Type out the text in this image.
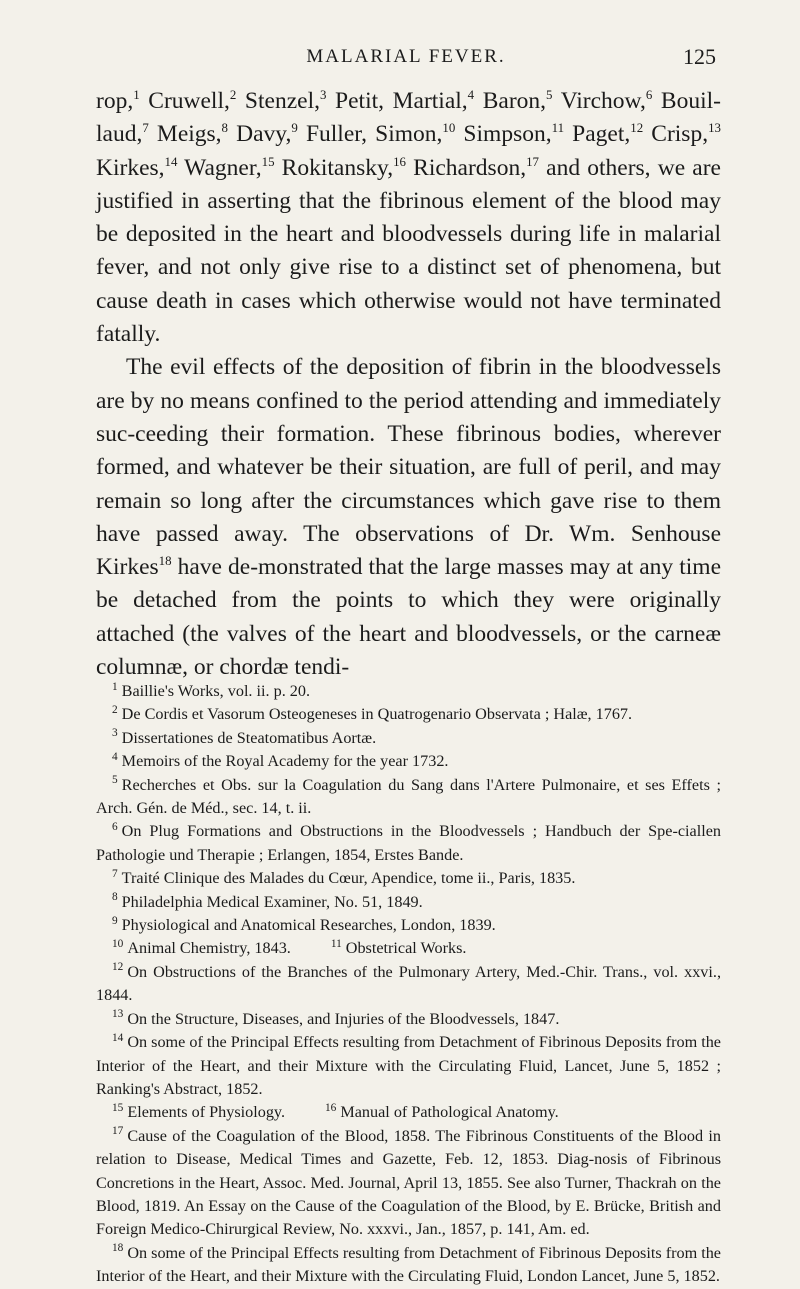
MALARIAL FEVER.	125

rop,$^1$ Cruwell,$^2$ Stenzel,$^3$ Petit, Martial,$^4$ Baron,$^5$ Virchow,$^6$ Bouil-laud,$^7$ Meigs,$^8$ Davy,$^9$ Fuller, Simon,$^{10}$ Simpson,$^{11}$ Paget,$^{12}$ Crisp,$^{13}$ Kirkes,$^{14}$ Wagner,$^{15}$ Rokitansky,$^{16}$ Richardson,$^{17}$ and others, we are justified in asserting that the fibrinous element of the blood may be deposited in the heart and bloodvessels during life in malarial fever, and not only give rise to a distinct set of phenomena, but cause death in cases which otherwise would not have terminated fatally.

The evil effects of the deposition of fibrin in the bloodvessels are by no means confined to the period attending and immediately suc-ceeding their formation. These fibrinous bodies, wherever formed, and whatever be their situation, are full of peril, and may remain so long after the circumstances which gave rise to them have passed away. The observations of Dr. Wm. Senhouse Kirkes$^{18}$ have de-monstrated that the large masses may at any time be detached from the points to which they were originally attached (the valves of the heart and bloodvessels, or the carneæ columnæ, or chordæ tendi-

$^1$ Baillie's Works, vol. ii. p. 20.

$^2$ De Cordis et Vasorum Osteogeneses in Quatrogenario Observata ; Halæ, 1767.

$^3$ Dissertationes de Steatomatibus Aortæ.

$^4$ Memoirs of the Royal Academy for the year 1732.

$^5$ Recherches et Obs. sur la Coagulation du Sang dans l'Artere Pulmonaire, et ses Effets ; Arch. Gén. de Méd., sec. 14, t. ii.

$^6$ On Plug Formations and Obstructions in the Bloodvessels ; Handbuch der Spe-ciallen Pathologie und Therapie ; Erlangen, 1854, Erstes Bande.

$^7$ Traité Clinique des Malades du Cœur, Apendice, tome ii., Paris, 1835.

$^8$ Philadelphia Medical Examiner, No. 51, 1849.

$^9$ Physiological and Anatomical Researches, London, 1839.

$^{10}$ Animal Chemistry, 1843.	$^{11}$ Obstetrical Works.

$^{12}$ On Obstructions of the Branches of the Pulmonary Artery, Med.-Chir. Trans., vol. xxvi., 1844.

$^{13}$ On the Structure, Diseases, and Injuries of the Bloodvessels, 1847.

$^{14}$ On some of the Principal Effects resulting from Detachment of Fibrinous Deposits from the Interior of the Heart, and their Mixture with the Circulating Fluid, Lancet, June 5, 1852 ; Ranking's Abstract, 1852.

$^{15}$ Elements of Physiology.	$^{16}$ Manual of Pathological Anatomy.

$^{17}$ Cause of the Coagulation of the Blood, 1858. The Fibrinous Constituents of the Blood in relation to Disease, Medical Times and Gazette, Feb. 12, 1853. Diag-nosis of Fibrinous Concretions in the Heart, Assoc. Med. Journal, April 13, 1855. See also Turner, Thackrah on the Blood, 1819. An Essay on the Cause of the Coagulation of the Blood, by E. Brücke, British and Foreign Medico-Chirurgical Review, No. xxxvi., Jan., 1857, p. 141, Am. ed.

$^{18}$ On some of the Principal Effects resulting from Detachment of Fibrinous Deposits from the Interior of the Heart, and their Mixture with the Circulating Fluid, London Lancet, June 5, 1852.
